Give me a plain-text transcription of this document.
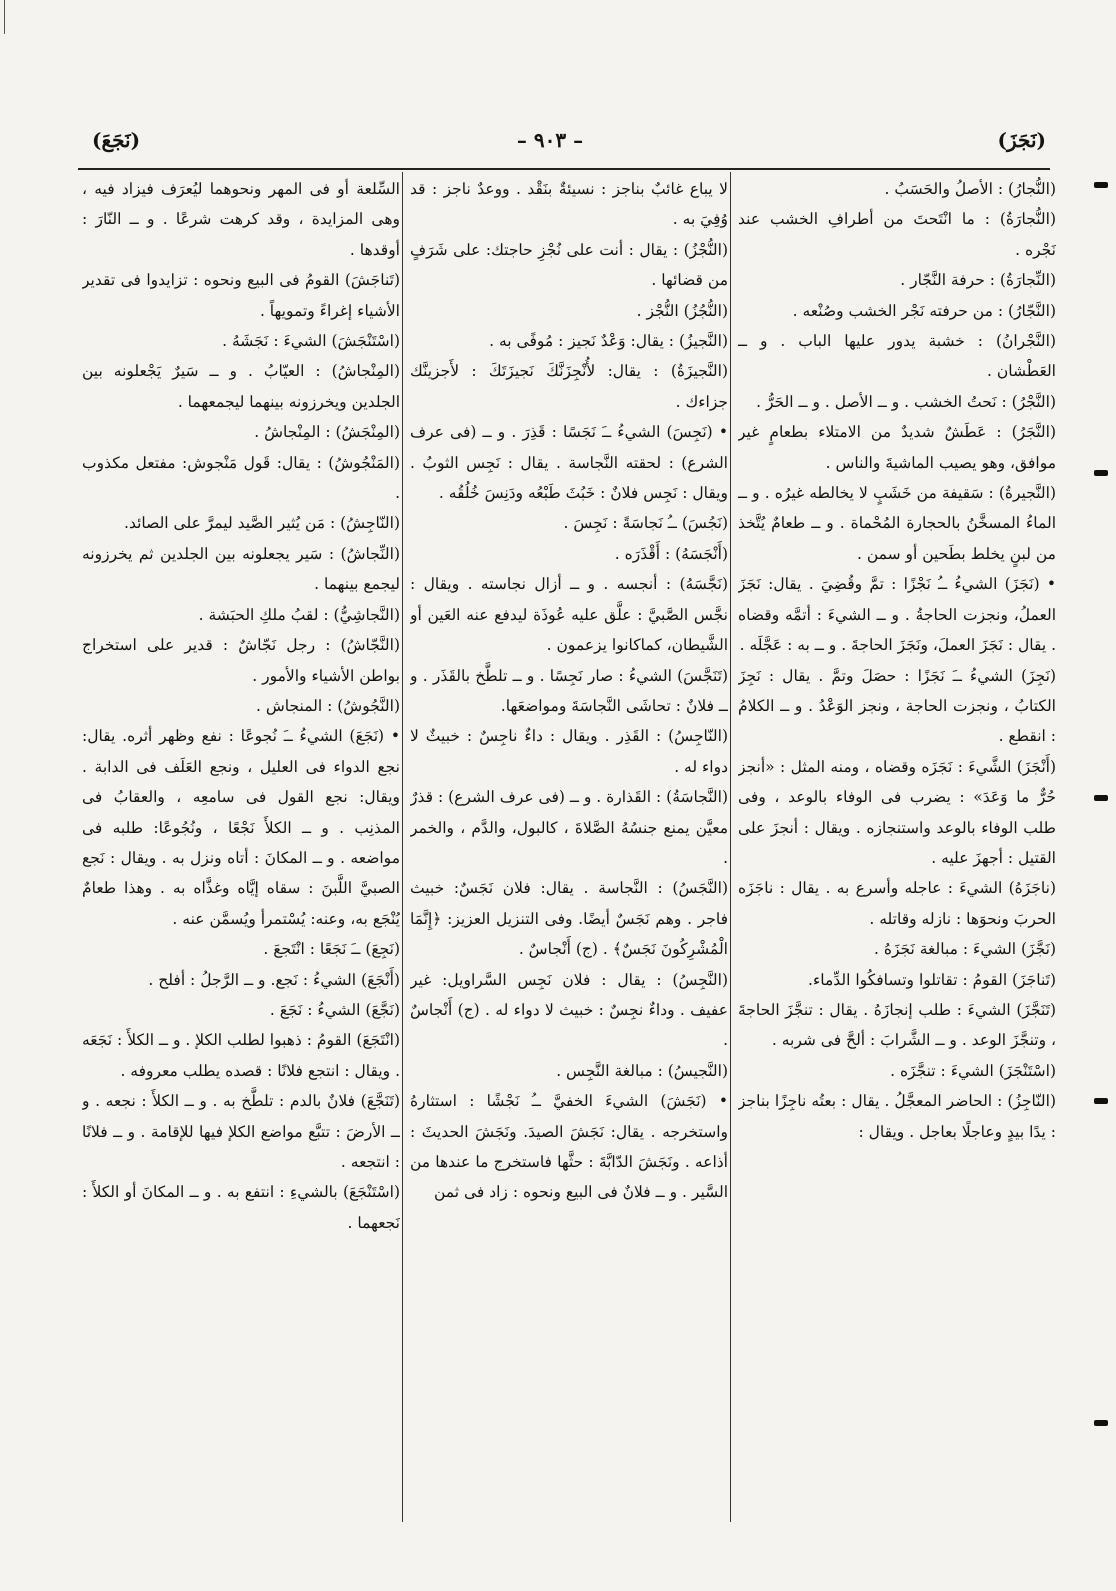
(نَجَزَ)
– ٩٠٣ –
(نَجَعَ)

(النُّجارُ) : الأصلُ والحَسَبُ .

(النُّجارَةُ) : ما انْتَحتَ من أطرافِ الخشب عند نَجْره .

(النِّجارَةُ) : حرفة النَّجّار .

(النَّجّارُ) : من حرفته نَجْر الخشب وصُنْعه .

(النَّجْرانُ) : خشبة يدور عليها الباب . و ــ العَطْشان .

(النَّجْرُ) : نَحتُ الخشب . و ــ الأصل . و ــ الحَرُّ .

(النَّجَرُ) : عَطَشٌ شديدٌ من الامتلاء بطعامٍ غير موافق، وهو يصيب الماشيةَ والناس .

(النَّجيرةُ) : سَقيفة من خَشَبٍ لا يخالطه غيرُه . و ــ الماءُ المسخَّنُ بالحجارة المُحْماة . و ــ طعامٌ يُتَّخذ من لبنٍ يخلط بطَحين أو سمن .

• (نَجَزَ) الشيءُ ــُ نَجْزًا : تمَّ وقُضِيَ . يقال: نَجَزَ العملُ، ونجزت الحاجةُ . و ــ الشيءَ : أتمَّه وقضاه . يقال : نَجَزَ العملَ، ونَجَزَ الحاجةَ . و ــ به : عَجَّلَه .

(نَجِزَ) الشيءُ ــَ نَجَزًا : حصَلَ وتمَّ . يقال : نَجِزَ الكتابُ ، ونجزت الحاجة ، ونجز الوَعْدُ . و ــ الكلامُ : انقطع .

(أَنْجَزَ) الشَّيءَ : نَجَزَه وقضاه ، ومنه المثل : «أنجز حُرٌّ ما وَعَدَ» : يضرب فى الوفاء بالوعد ، وفى طلب الوفاء بالوعد واستنجازه . ويقال : أنجزَ على القتيل : أجهزَ عليه .

(ناجَزَهُ) الشيءَ : عاجله وأسرع به . يقال : ناجَزَه الحربَ ونحوَها : نازله وقاتله .

(نَجَّزَ) الشيءَ : مبالغة نَجَزَهُ .

(تَناجَزَ) القومُ : تقاتلوا وتسافكُوا الدِّماء.

(تَنَجَّزَ) الشيءَ : طلب إنجازَهُ . يقال : تنجَّزَ الحاجةَ ، وتنجَّزَ الوعد . و ــ الشَّرابَ : ألحَّ فى شربه .

(اسْتَنْجَزَ) الشيءَ : تنجَّزَه .

(النّاجِزُ) : الحاضر المعجَّلُ . يقال : بعتُه ناجِزًا بناجز : يدًا بيدٍ وعاجلًا بعاجل . ويقال :

لا يباع غائبٌ بناجز : نسيئةٌ بنَقْد . ووعدٌ ناجز : قد وُفِيَ به .

(النُّجْزُ) : يقال : أنت على نُجْزِ حاجتك: على شَرَفٍ من قضائها .

(النُّجُزُ) النُّجْز .

(النَّجيزُ) : يقال: وَعْدٌ نَجيز : مُوفًى به .

(النَّجيزَةُ) : يقال: لأُنْجِزَنَّكَ نَجيزَتَكَ : لأَجزينَّك جزاءك .

• (نَجِسَ) الشيءُ ــَ نَجَسًا : قَذِرَ . و ــ (فى عرف الشرع) : لحقته النَّجاسة . يقال : نَجِس الثوبُ . ويقال : نَجِس فلانٌ : خَبُثَ طَبْعُه ودَنِسَ خُلُقُه .

(نَجُسَ) ــُ نَجاسَةً : نَجِسَ .

(أَنْجَسَهُ) : أَقْذَرَه .

(نَجَّسَهُ) : أنجسه . و ــ أزال نجاسته . ويقال : نجَّس الصَّبيَّ : علَّق عليه عُوذَة ليدفع عنه العَين أو الشَّيطان، كماكانوا يزعمون .

(تَنَجَّسَ) الشيءُ : صار نَجِسًا . و ــ تلطَّخ بالقَذَر . و ــ فلانٌ : تحاشَى النَّجاسَةَ ومواضعَها.

(النّاجِسُ) : القَذِر . ويقال : داءٌ ناجِسٌ : خبيثٌ لا دواء له .

(النَّجاسَةُ) : القَذارة . و ــ (فى عرف الشرع) : قذرٌ معيَّن يمنع جنسُهُ الصَّلاةَ ، كالبول، والدَّم ، والخمر .

(النَّجَسُ) : النَّجاسة . يقال: فلان نَجَسٌ: خبيث فاجر . وهم نَجَسٌ أيضًا. وفى التنزيل العزيز: ﴿إِنَّمَا الْمُشْرِكُونَ نَجَسٌ﴾ . (ج) أَنْجاسٌ .

(النَّجِسُ) : يقال : فلان نَجِس السَّراويل: غير عفيف . وداءٌ نجِسٌ : خبيث لا دواء له . (ج) أَنْجاسٌ .

(النَّجيسُ) : مبالغة النَّجِس .

• (نَجَشَ) الشيءَ الخفيَّ ــُ نَجْشًا : استثارهُ واستخرجه . يقال: نَجَشَ الصيدَ. ونَجَشَ الحديثَ : أذاعه . ونَجَشَ الدّابَّةَ : حثَّها فاستخرج ما عندها من السَّير . و ــ فلانٌ فى البيع ونحوه : زاد فى ثمن

السِّلعة أو فى المهر ونحوهما ليُعرَف فيزاد فيه ، وهى المزايدة ، وقد كرهت شرعًا . و ــ النّارَ : أوقدها .

(تَناجَشَ) القومُ فى البيع ونحوه : تزايدوا فى تقدير الأشياء إغراءً وتمويهاً .

(اسْتَنْجَشَ) الشيءَ : نَجَشَهُ .

(المِنْجاشُ) : العيّابُ . و ــ سَيرٌ يَجْعلونه بين الجلدين ويخرزونه بينهما ليجمعهما .

(المِنْجَشُ) : المِنْجاشُ .

(المَنْجُوشُ) : يقال: قَول مَنْجوش: مفتعل مكذوب .

(النّاجِشُ) : مَن يُثير الصَّيد ليمرَّ على الصائد.

(النِّجاشُ) : سَير يجعلونه بين الجلدين ثم يخرزونه ليجمع بينهما .

(النَّجاشِيُّ) : لقبُ ملكِ الحبَشة .

(النَّجّاشُ) : رجل نَجّاشٌ : قدير على استخراج بواطن الأشياء والأمور .

(النَّجُوشُ) : المنجاش .

• (نَجَعَ) الشيءُ ــَ نُجوعًا : نفع وظهر أثره. يقال: نجع الدواء فى العليل ، ونجع العَلَف فى الدابة . ويقال: نجع القول فى سامعِه ، والعقابُ فى المذنِب . و ــ الكلأَ نَجْعًا ، ونُجُوعًا: طلبه فى مواضعه . و ــ المكانَ : أتاه ونزل به . ويقال : نَجع الصبيَّ اللَّبنَ : سقاه إيَّاه وغذَّاه به . وهذا طعامٌ يُنْجَع به، وعنه: يُسْتمرأ ويُسمَّن عنه .

(نَجِعَ) ــَ نَجَعًا : انْتَجعَ .

(أَنْجَعَ) الشيءُ : نَجع. و ــ الرَّجلُ : أفلح .

(نَجَّعَ) الشيءُ : نَجَعَ .

(انْتَجَعَ) القومُ : ذهبوا لطلب الكلإ . و ــ الكلأَ : نَجَعَه . ويقال : انتجع فلانًا : قصده يطلب معروفه .

(تَنَجَّعَ) فلانٌ بالدم : تلطَّخ به . و ــ الكلأَ : نجعه . و ــ الأرضَ : تتبَّع مواضع الكلإ فيها للإقامة . و ــ فلانًا : انتجعه .

(اسْتَنْجَعَ) بالشيءِ : انتفع به . و ــ المكانَ أو الكلأَ : نَجعهما .
